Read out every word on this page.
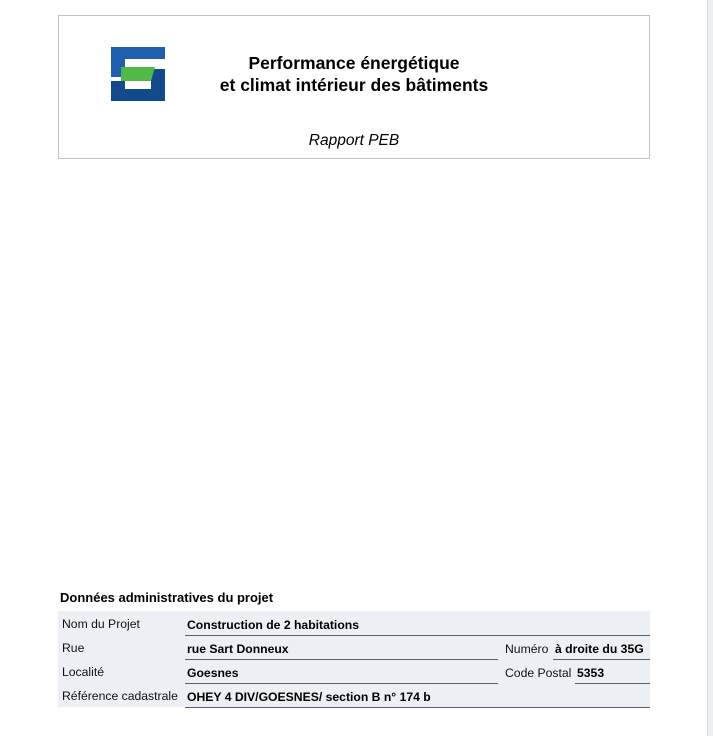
Performance énergétique
et climat intérieur des bâtiments
Rapport PEB
Données administratives du projet
Nom du Projet	Construction de 2 habitations
Rue	rue Sart Donneux	Numéro à droite du 35G
Localité	Goesnes	Code Postal 5353
Référence cadastrale OHEY 4 DIV/GOESNES/ section B n° 174 b
